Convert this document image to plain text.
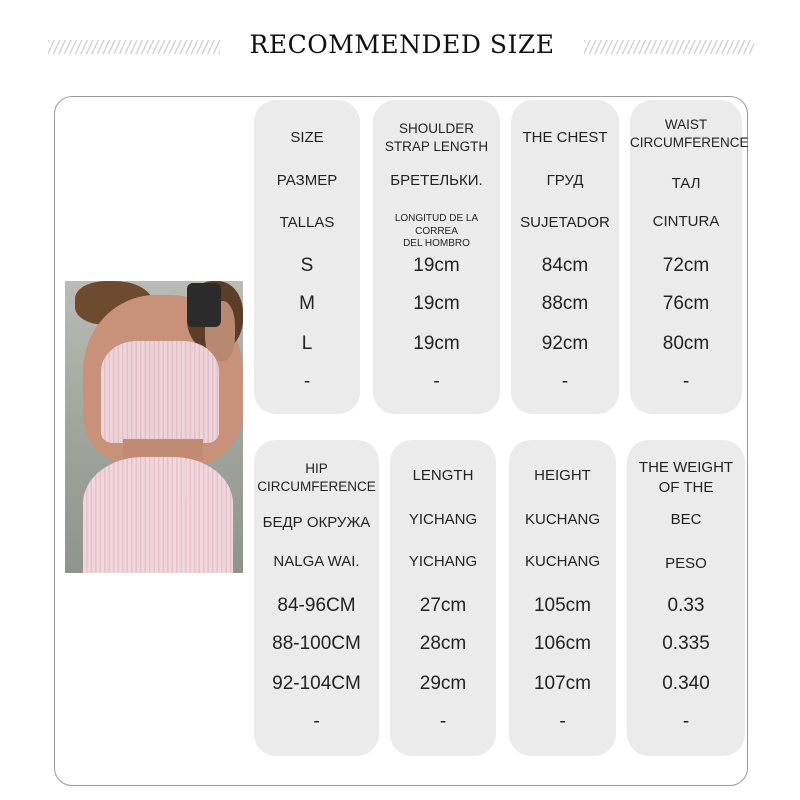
RECOMMENDED SIZE
SIZE
РАЗМЕР
TALLAS
S
M
L
-
SHOULDER
STRAP LENGTH
БРЕТЕЛЬКИ.
LONGITUD DE LA CORREA
DEL HOMBRO
19cm
19cm
19cm
-
THE CHEST
ГРУД
SUJETADOR
84cm
88cm
92cm
-
WAIST
CIRCUMFERENCE
ТАЛ
CINTURA
72cm
76cm
80cm
-
HIP
CIRCUMFERENCE
БЕДР ОКРУЖА
NALGA WAI.
84-96CM
88-100CM
92-104CM
-
LENGTH
YICHANG
YICHANG
27cm
28cm
29cm
-
HEIGHT
KUCHANG
KUCHANG
105cm
106cm
107cm
-
THE WEIGHT
OF THE
BEC
PESO
0.33
0.335
0.340
-
